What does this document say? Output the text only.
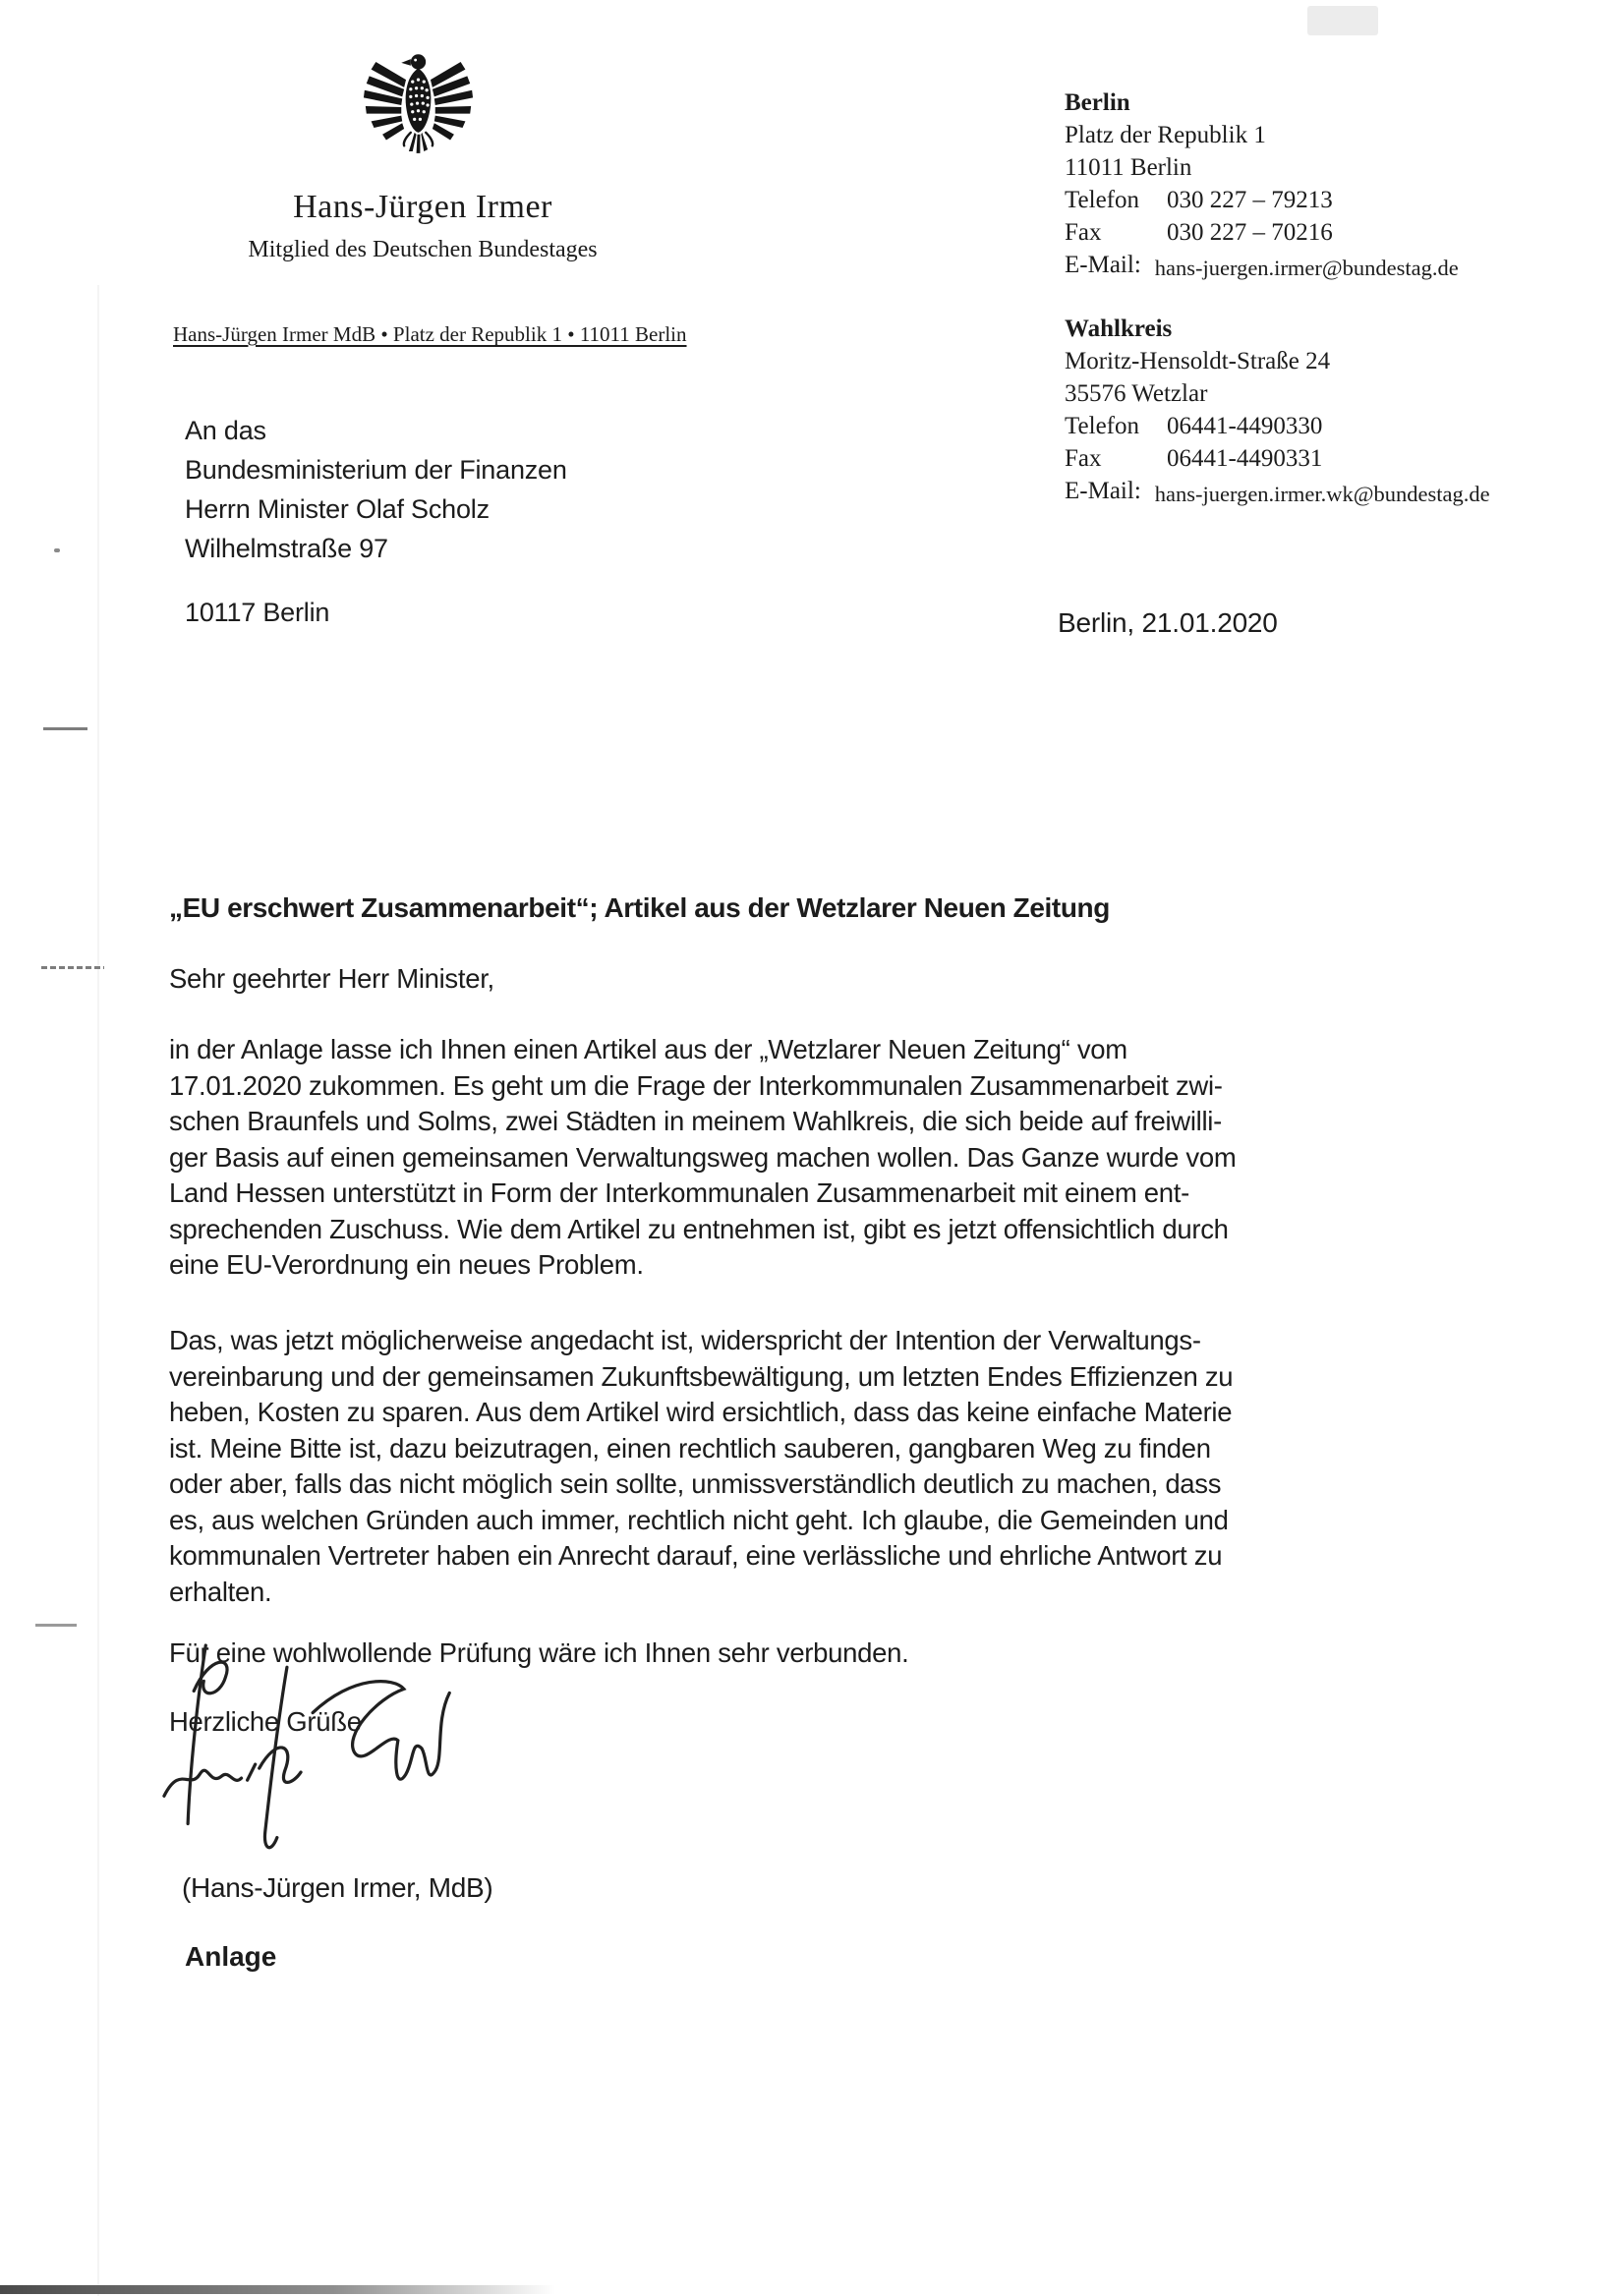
Hans-Jürgen Irmer
Mitglied des Deutschen Bundestages
Hans-Jürgen Irmer MdB • Platz der Republik 1 • 11011 Berlin
Berlin
Platz der Republik 1
11011 Berlin
Telefon	030 227 – 79213
Fax	030 227 – 70216
E-Mail: hans-juergen.irmer@bundestag.de
Wahlkreis
Moritz-Hensoldt-Straße 24
35576 Wetzlar
Telefon	06441-4490330
Fax	06441-4490331
E-Mail: hans-juergen.irmer.wk@bundestag.de
An das
Bundesministerium der Finanzen
Herrn Minister Olaf Scholz
Wilhelmstraße 97
10117 Berlin	Berlin, 21.01.2020
„EU erschwert Zusammenarbeit“; Artikel aus der Wetzlarer Neuen Zeitung
Sehr geehrter Herr Minister,
in der Anlage lasse ich Ihnen einen Artikel aus der „Wetzlarer Neuen Zeitung“ vom
17.01.2020 zukommen. Es geht um die Frage der Interkommunalen Zusammenarbeit zwi-
schen Braunfels und Solms, zwei Städten in meinem Wahlkreis, die sich beide auf freiwilli-
ger Basis auf einen gemeinsamen Verwaltungsweg machen wollen. Das Ganze wurde vom
Land Hessen unterstützt in Form der Interkommunalen Zusammenarbeit mit einem ent-
sprechenden Zuschuss. Wie dem Artikel zu entnehmen ist, gibt es jetzt offensichtlich durch
eine EU-Verordnung ein neues Problem.
Das, was jetzt möglicherweise angedacht ist, widerspricht der Intention der Verwaltungs-
vereinbarung und der gemeinsamen Zukunftsbewältigung, um letzten Endes Effizienzen zu
heben, Kosten zu sparen. Aus dem Artikel wird ersichtlich, dass das keine einfache Materie
ist. Meine Bitte ist, dazu beizutragen, einen rechtlich sauberen, gangbaren Weg zu finden
oder aber, falls das nicht möglich sein sollte, unmissverständlich deutlich zu machen, dass
es, aus welchen Gründen auch immer, rechtlich nicht geht. Ich glaube, die Gemeinden und
kommunalen Vertreter haben ein Anrecht darauf, eine verlässliche und ehrliche Antwort zu
erhalten.
Für eine wohlwollende Prüfung wäre ich Ihnen sehr verbunden.
Herzliche Grüße
(Hans-Jürgen Irmer, MdB)
Anlage
